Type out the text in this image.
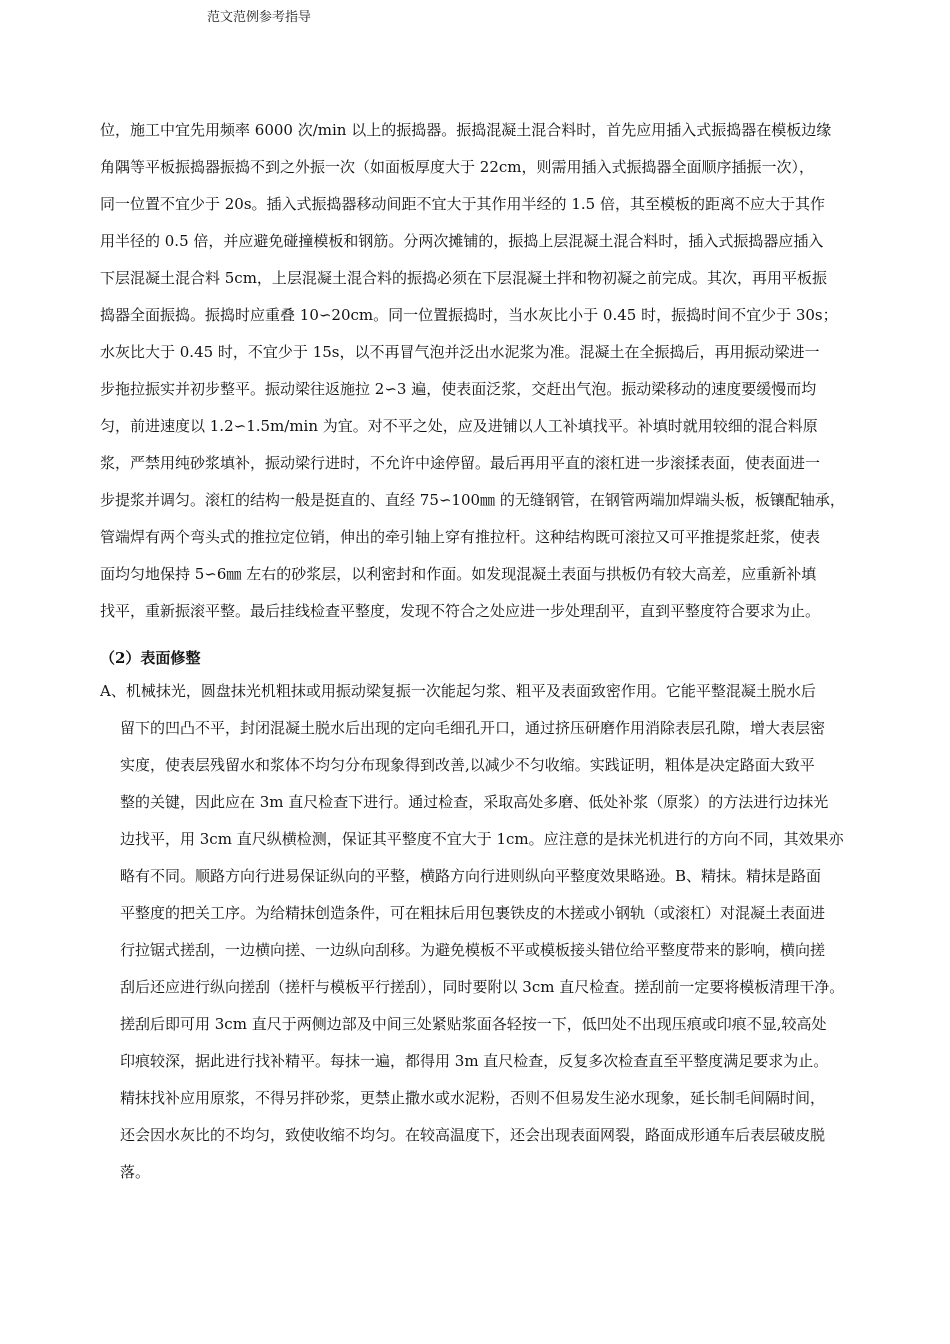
范文范例参考指导
位，施工中宜先用频率 6000 次/min 以上的振捣器。振捣混凝土混合料时，首先应用插入式振捣器在模板边缘
角隅等平板振捣器振捣不到之外振一次（如面板厚度大于 22cm，则需用插入式振捣器全面顺序插振一次），
同一位置不宜少于 20s。插入式振捣器移动间距不宜大于其作用半经的 1.5 倍，其至模板的距离不应大于其作
用半径的 0.5 倍，并应避免碰撞模板和钢筋。分两次摊铺的，振捣上层混凝土混合料时，插入式振捣器应插入
下层混凝土混合料 5cm，上层混凝土混合料的振捣必须在下层混凝土拌和物初凝之前完成。其次，再用平板振
捣器全面振捣。振捣时应重叠 10∽20cm。同一位置振捣时，当水灰比小于 0.45 时，振捣时间不宜少于 30s；
水灰比大于 0.45 时，不宜少于 15s，以不再冒气泡并泛出水泥浆为准。混凝土在全振捣后，再用振动梁进一
步拖拉振实并初步整平。振动梁往返施拉 2∽3 遍，使表面泛浆，交赶出气泡。振动梁移动的速度要缓慢而均
匀，前进速度以 1.2∽1.5m/min 为宜。对不平之处，应及进铺以人工补填找平。补填时就用较细的混合料原
浆，严禁用纯砂浆填补，振动梁行进时，不允许中途停留。最后再用平直的滚杠进一步滚揉表面，使表面进一
步提浆并调匀。滚杠的结构一般是挺直的、直经 75∽100㎜ 的无缝钢管，在钢管两端加焊端头板，板镶配轴承，
管端焊有两个弯头式的推拉定位销，伸出的牵引轴上穿有推拉杆。这种结构既可滚拉又可平推提浆赶浆，使表
面均匀地保持 5∽6㎜ 左右的砂浆层，以利密封和作面。如发现混凝土表面与拱板仍有较大高差，应重新补填
找平，重新振滚平整。最后挂线检查平整度，发现不符合之处应进一步处理刮平，直到平整度符合要求为止。
（2）表面修整
A、机械抹光，圆盘抹光机粗抹或用振动梁复振一次能起匀浆、粗平及表面致密作用。它能平整混凝土脱水后
留下的凹凸不平，封闭混凝土脱水后出现的定向毛细孔开口，通过挤压研磨作用消除表层孔隙，增大表层密
实度，使表层残留水和浆体不均匀分布现象得到改善,以减少不匀收缩。实践证明，粗体是决定路面大致平
整的关键，因此应在 3m 直尺检查下进行。通过检查，采取高处多磨、低处补浆（原浆）的方法进行边抹光
边找平，用 3cm 直尺纵横检测，保证其平整度不宜大于 1cm。应注意的是抹光机进行的方向不同，其效果亦
略有不同。顺路方向行进易保证纵向的平整，横路方向行进则纵向平整度效果略逊。B、精抹。精抹是路面
平整度的把关工序。为给精抹创造条件，可在粗抹后用包裹铁皮的木搓或小钢轨（或滚杠）对混凝土表面进
行拉锯式搓刮，一边横向搓、一边纵向刮移。为避免模板不平或模板接头错位给平整度带来的影响，横向搓
刮后还应进行纵向搓刮（搓杆与模板平行搓刮），同时要附以 3cm 直尺检查。搓刮前一定要将模板清理干净。
搓刮后即可用 3cm 直尺于两侧边部及中间三处紧贴浆面各轻按一下，低凹处不出现压痕或印痕不显,较高处
印痕较深，据此进行找补精平。每抹一遍，都得用 3m 直尺检查，反复多次检查直至平整度满足要求为止。
精抹找补应用原浆，不得另拌砂浆，更禁止撒水或水泥粉，否则不但易发生泌水现象，延长制毛间隔时间，
还会因水灰比的不均匀，致使收缩不均匀。在较高温度下，还会出现表面网裂，路面成形通车后表层破皮脱
落。
